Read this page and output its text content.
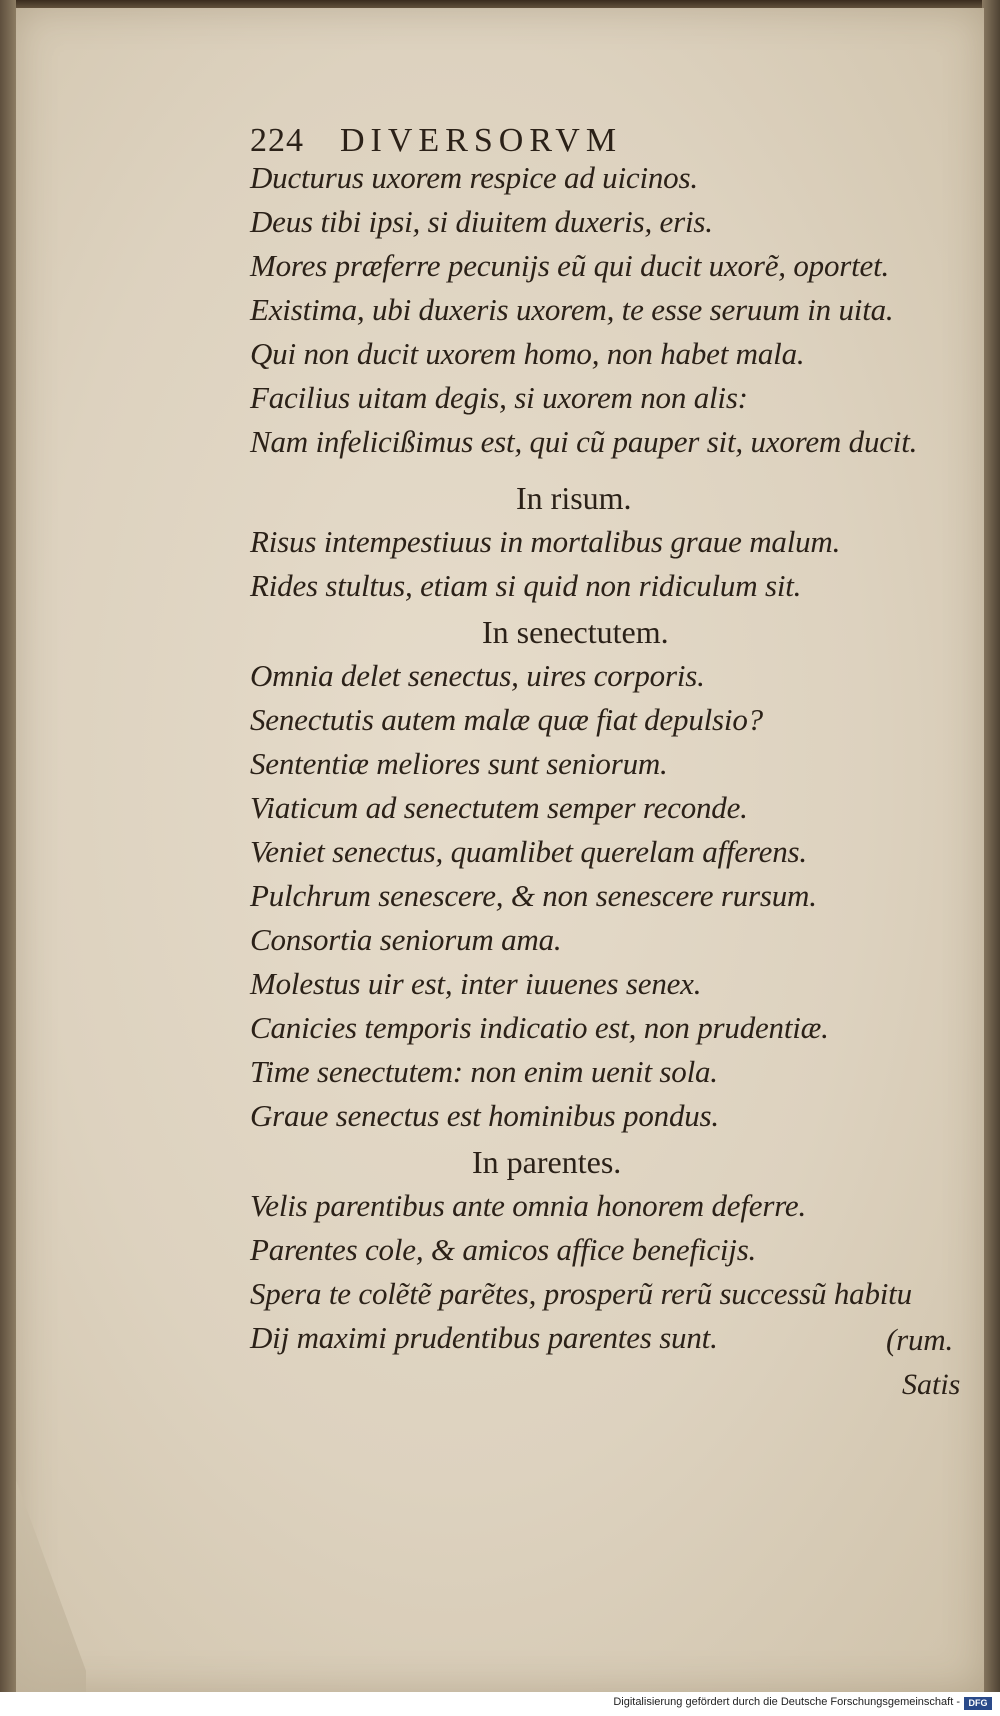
224 DIVERSORVM
Ducturus uxorem respice ad uicinos.
Deus tibi ipsi, si diuitem duxeris, eris.
Mores præferre pecunijs eũ qui ducit uxorẽ, oportet.
Existima, ubi duxeris uxorem, te esse seruum in uita.
Qui non ducit uxorem homo, non habet mala.
Facilius uitam degis, si uxorem non alis:
Nam infelicißimus est, qui cũ pauper sit, uxorem ducit.
In risum.
Risus intempestiuus in mortalibus graue malum.
Rides stultus, etiam si quid non ridiculum sit.
In senectutem.
Omnia delet senectus, uires corporis.
Senectutis autem malæ quæ fiat depulsio?
Sententiæ meliores sunt seniorum.
Viaticum ad senectutem semper reconde.
Veniet senectus, quamlibet querelam afferens.
Pulchrum senescere, & non senescere rursum.
Consortia seniorum ama.
Molestus uir est, inter iuuenes senex.
Canicies temporis indicatio est, non prudentiæ.
Time senectutem: non enim uenit sola.
Graue senectus est hominibus pondus.
In parentes.
Velis parentibus ante omnia honorem deferre.
Parentes cole, & amicos affice beneficijs.
Spera te colẽtẽ parẽtes, prosperũ rerũ successũ habitu
Dij maximi prudentibus parentes sunt.	(rum.
Satis
Digitalisierung gefördert durch die Deutsche Forschungsgemeinschaft - DFG
